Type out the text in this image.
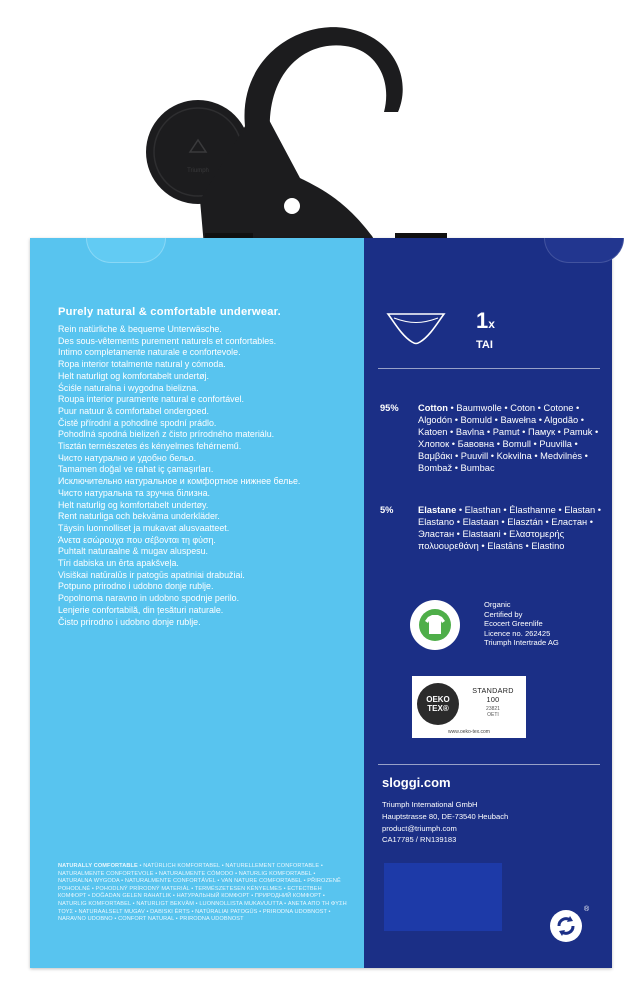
Triumph
Purely natural & comfortable underwear.
Rein natürliche & bequeme Unterwäsche.
Des sous-vêtements purement naturels et confortables.
Intimo completamente naturale e confortevole.
Ropa interior totalmente natural y cómoda.
Helt naturligt og komfortabelt undertøj.
Ściśle naturalna i wygodna bielizna.
Roupa interior puramente natural e confortável.
Puur natuur & comfortabel ondergoed.
Čistě přírodní a pohodlné spodní prádlo.
Pohodlná spodná bielizeň z čisto prírodného materiálu.
Tisztán természetes és kényelmes fehérnemű.
Чисто натурално и удобно бельо.
Tamamen doğal ve rahat iç çamaşırları.
Исключительно натуральное и комфортное нижнее белье.
Чисто натуральна та зручна білизна.
Helt naturlig og komfortabelt undertøy.
Rent naturliga och bekväma underkläder.
Täysin luonnolliset ja mukavat alusvaatteet.
Άνετα εσώρουχα που σέβονται τη φύση.
Puhtalt naturaalne & mugav aluspesu.
Tīri dabiska un ērta apakšveļa.
Visiškai natūralūs ir patogūs apatiniai drabužiai.
Potpuno prirodno i udobno donje rublje.
Popolnoma naravno in udobno spodnje perilo.
Lenjerie confortabilă, din țesături naturale.
Čisto prirodno i udobno donje rublje.
NATURALLY COMFORTABLE • NATÜRLICH KOMFORTABEL • NATURELLEMENT CONFORTABLE • NATURALMENTE CONFORTEVOLE • NATURALMENTE CÓMODO • NATURLIG KOMFORTABEL • NATURALNA WYGODA • NATURALMENTE CONFORTÁVEL • VAN NATURE COMFORTABEL • PŘIROZENĚ POHODLNÉ • POHODLNÝ PRÍRODNÝ MATERIÁL • TERMÉSZETESEN KÉNYELMES • ЕСТЕСТВЕН КОМФОРТ • DOĞADAN GELEN RAHATLIK • НАТУРАЛЬНЫЙ КОМФОРТ • ПРИРОДНИЙ КОМФОРТ • NATURLIG KOMFORTABEL • NATURLIGT BEKVÄM • LUONNOLLISTA MUKAVUUTTA • ΑΝΕΤΑ ΑΠΟ ΤΗ ΦΥΣΗ ΤΟΥΣ • NATURAALSELT MUGAV • DABISKI ĒRTS • NATŪRALIAI PATOGŪS • PRIRODNA UDOBNOST • NARAVNO UDOBNO • CONFORT NATURAL • PRIRODNA UDOBNOST
1x
TAI
95% Cotton • Baumwolle • Coton • Cotone • Algodón • Bomuld • Bawełna • Algodão • Katoen • Bavlna • Pamut • Памук • Pamuk • Хлопок • Бавовна • Bomull • Puuvilla • Βαμβάκι • Puuvill • Kokvilna • Medvilnės • Bombaž • Bumbac
5%	Elastane • Elasthan • Élasthanne • Elastan • Elastano • Elastaan • Elasztán • Еластан • Эластан • Elastaani • Ελαστομερής πολυουρεθάνη • Elastāns • Elastino
Organic
Certified by
Ecocert Greenlife
Licence no. 262425
Triumph Intertrade AG
OEKO TEX®
STANDARD
100
23821
OETI
www.oeko-tex.com
sloggi.com
Triumph International GmbH
Hauptstrasse 80, DE-73540 Heubach
product@triumph.com
CA17785 / RN139183
®
